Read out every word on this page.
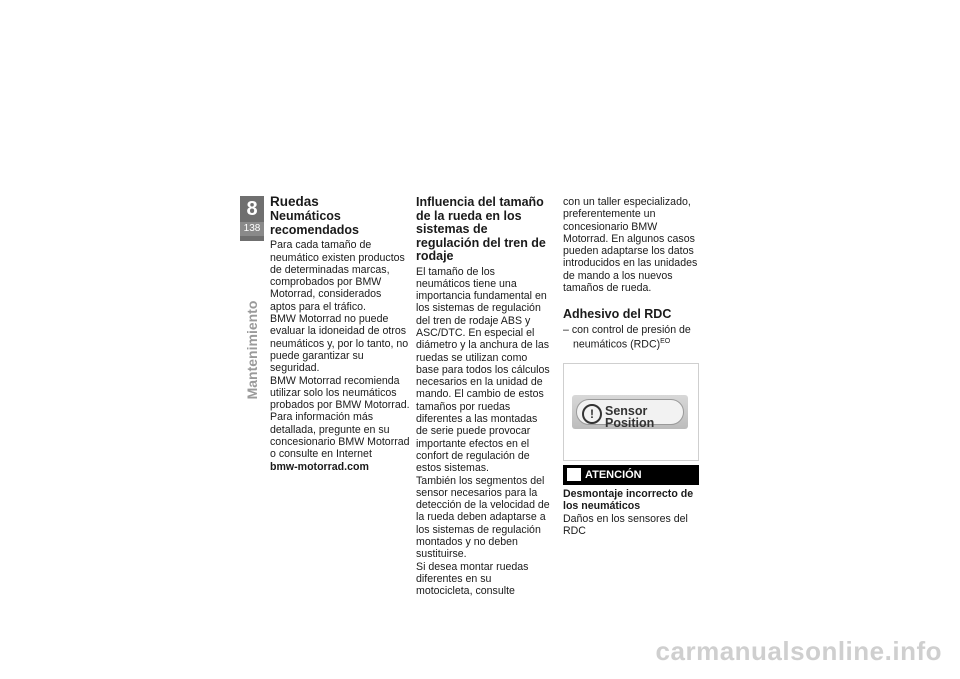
8
138
Mantenimiento
Ruedas
Neumáticos recomendados

Para cada tamaño de neumático existen productos de determinadas marcas, comprobados por BMW Motorrad, considerados aptos para el tráfico.

BMW Motorrad no puede evaluar la idoneidad de otros neumáticos y, por lo tanto, no puede garantizar su seguridad.

BMW Motorrad recomienda utilizar solo los neumáticos probados por BMW Motorrad.

Para información más detallada, pregunte en su concesionario BMW Motorrad o consulte en Internet

bmw-motorrad.com

Influencia del tamaño de la rueda en los sistemas de regulación del tren de rodaje

El tamaño de los neumáticos tiene una importancia fundamental en los sistemas de regulación del tren de rodaje ABS y ASC/DTC. En especial el diámetro y la anchura de las ruedas se utilizan como base para todos los cálculos necesarios en la unidad de mando. El cambio de estos tamaños por ruedas diferentes a las montadas de serie puede provocar importante efectos en el confort de regulación de estos sistemas.

También los segmentos del sensor necesarios para la detección de la velocidad de la rueda deben adaptarse a los sistemas de regulación montados y no deben sustituirse.

Si desea montar ruedas diferentes en su motocicleta, consulte

con un taller especializado, preferentemente un concesionario BMW Motorrad. En algunos casos pueden adaptarse los datos introducidos en las unidades de mando a los nuevos tamaños de rueda.

Adhesivo del RDC

– con control de presión de neumáticos (RDC)$^{EO}$

! Sensor Position
ATENCIÓN

Desmontaje incorrecto de los neumáticos

Daños en los sensores del RDC

carmanualsonline.info
